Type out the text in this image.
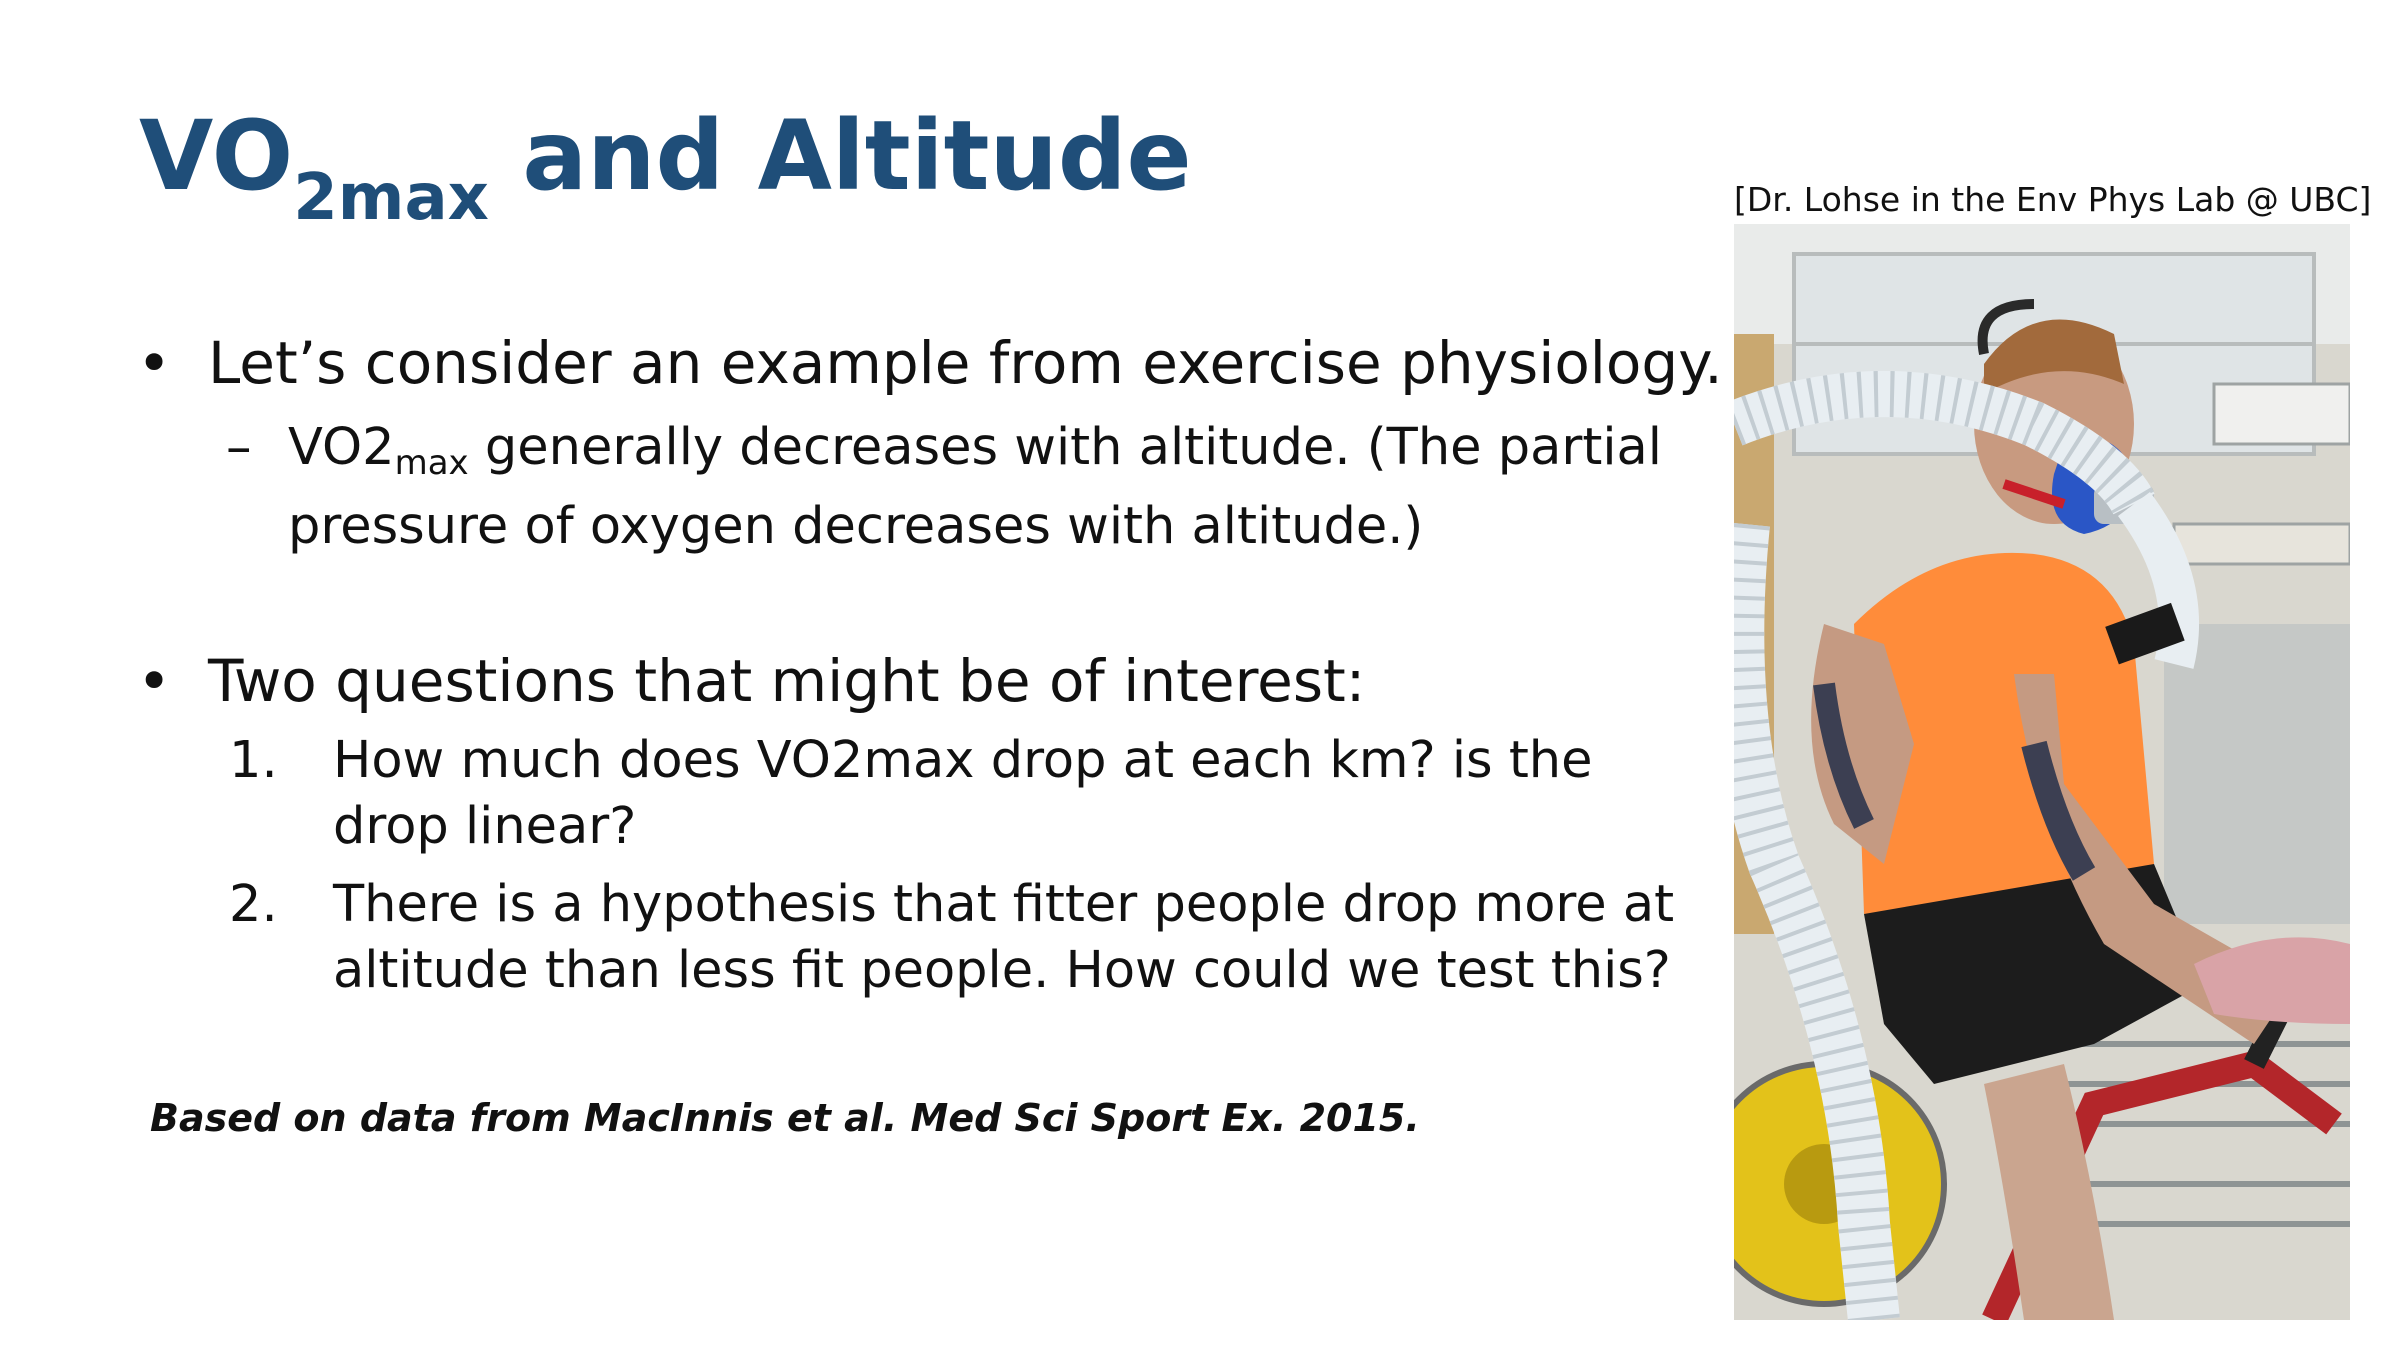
$VO_{2max}$ and Altitude
• Let’s consider an example from exercise physiology.
– VO2max generally decreases with altitude. (The partial pressure of oxygen decreases with altitude.)
• Two questions that might be of interest:
1. How much does VO2max drop at each km? is the drop linear?
2. There is a hypothesis that fitter people drop more at altitude than less fit people. How could we test this?
Based on data from MacInnis et al. Med Sci Sport Ex. 2015.
[Dr. Lohse in the Env Phys Lab @ UBC]
